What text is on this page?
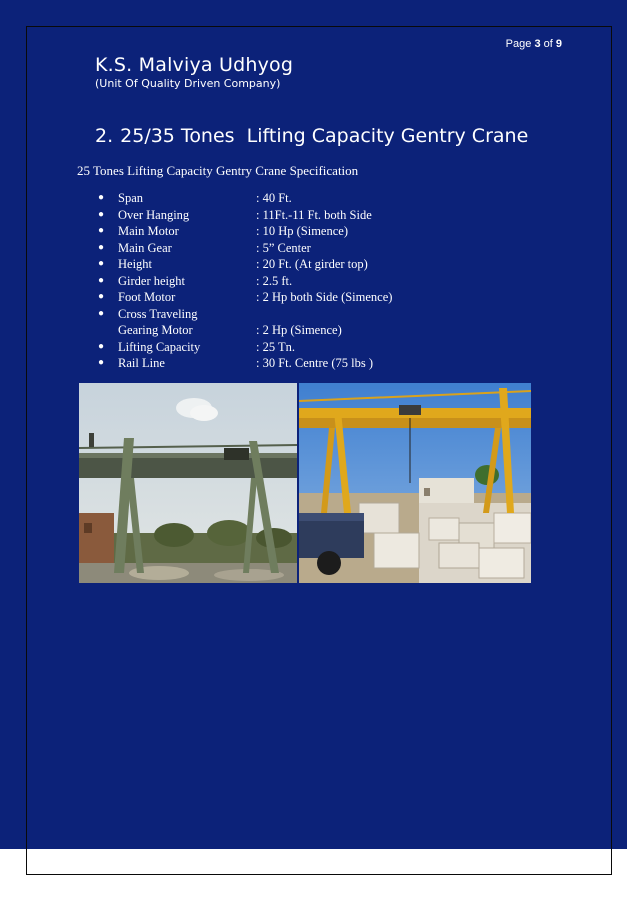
Page 3 of 9
K.S. Malviya Udhyog
(Unit Of Quality Driven Company)
2. 25/35 Tones  Lifting Capacity Gentry Crane
25 Tones Lifting Capacity Gentry Crane Specification
● Span	: 40 Ft.
● Over Hanging	: 11Ft.-11 Ft. both Side
● Main Motor	: 10 Hp (Simence)
● Main Gear	: 5” Center
● Height	: 20 Ft. (At girder top)
● Girder height	: 2.5 ft.
● Foot Motor	: 2 Hp both Side (Simence)
● Cross Traveling
Gearing Motor	: 2 Hp (Simence)
● Lifting Capacity	: 25 Tn.
● Rail Line	: 30 Ft. Centre (75 lbs )
